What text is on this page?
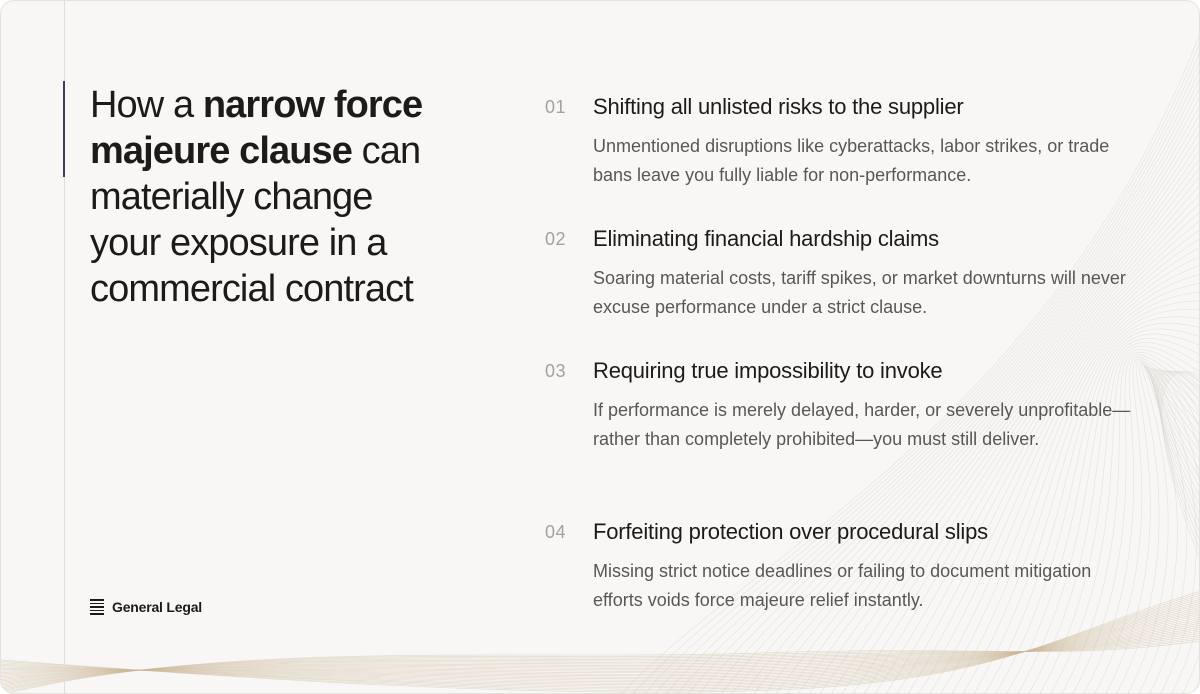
How a narrow force majeure clause can materially change your exposure in a commercial contract
General Legal
01 Shifting all unlisted risks to the supplier
Unmentioned disruptions like cyberattacks, labor strikes, or trade bans leave you fully liable for non-performance.
02 Eliminating financial hardship claims
Soaring material costs, tariff spikes, or market downturns will never excuse performance under a strict clause.
03 Requiring true impossibility to invoke
If performance is merely delayed, harder, or severely unprofitable—rather than completely prohibited—you must still deliver.
04 Forfeiting protection over procedural slips
Missing strict notice deadlines or failing to document mitigation efforts voids force majeure relief instantly.
